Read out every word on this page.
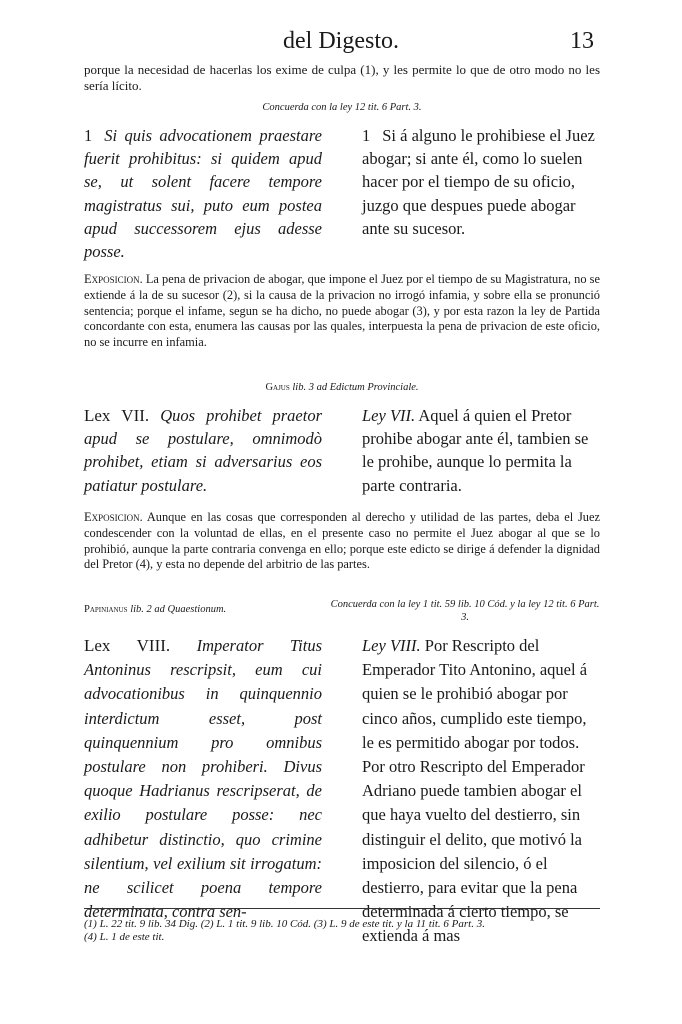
del Digesto.	13
porque la necesidad de hacerlas los exime de culpa (1), y les permite lo que de otro modo no les sería lícito.
Concuerda con la ley 12 tit. 6 Part. 3.
1 Si quis advocationem praestare fuerit prohibitus: si quidem apud se, ut solent facere tempore magistratus sui, puto eum postea apud successorem ejus adesse posse.
1 Si á alguno le prohibiese el Juez abogar; si ante él, como lo suelen hacer por el tiempo de su oficio, juzgo que despues puede abogar ante su sucesor.
Exposicion. La pena de privacion de abogar, que impone el Juez por el tiempo de su Magistratura, no se extiende á la de su sucesor (2), si la causa de la privacion no irrogó infamia, y sobre ella se pronunció sentencia; porque el infame, segun se ha dicho, no puede abogar (3), y por esta razon la ley de Partida concordante con esta, enumera las causas por las quales, interpuesta la pena de privacion de este oficio, no se incurre en infamia.
Gajus lib. 3 ad Edictum Provinciale.
Lex VII. Quos prohibet praetor apud se postulare, omnimodò prohibet, etiam si adversarius eos patiatur postulare.
Ley VII. Aquel á quien el Pretor prohibe abogar ante él, tambien se le prohibe, aunque lo permita la parte contraria.
Exposicion. Aunque en las cosas que corresponden al derecho y utilidad de las partes, deba el Juez condescender con la voluntad de ellas, en el presente caso no permite el Juez abogar al que se lo prohibió, aunque la parte contraria convenga en ello; porque este edicto se dirige á defender la dignidad del Pretor (4), y esta no depende del arbitrio de las partes.
Papinianus lib. 2 ad Quaestionum.	Concuerda con la ley 1 tit. 59 lib. 10 Cód. y la ley 12 tit. 6 Part. 3.
Lex VIII. Imperator Titus Antoninus rescripsit, eum cui advocationibus in quinquennio interdictum esset, post quinquennium pro omnibus postulare non prohiberi. Divus quoque Hadrianus rescripserat, de exilio postulare posse: nec adhibetur distinctio, quo crimine silentium, vel exilium sit irrogatum: ne scilicet poena tempore determinata, contra sen-
Ley VIII. Por Rescripto del Emperador Tito Antonino, aquel á quien se le prohibió abogar por cinco años, cumplido este tiempo, le es permitido abogar por todos. Por otro Rescripto del Emperador Adriano puede tambien abogar el que haya vuelto del destierro, sin distinguir el delito, que motivó la imposicion del silencio, ó el destierro, para evitar que la pena determinada á cierto tiempo, se extienda á mas
(1) L. 22 tit. 9 lib. 34 Dig. (2) L. 1 tit. 9 lib. 10 Cód. (3) L. 9 de este tit. y la 11 tit. 6 Part. 3.
(4) L. 1 de este tit.
